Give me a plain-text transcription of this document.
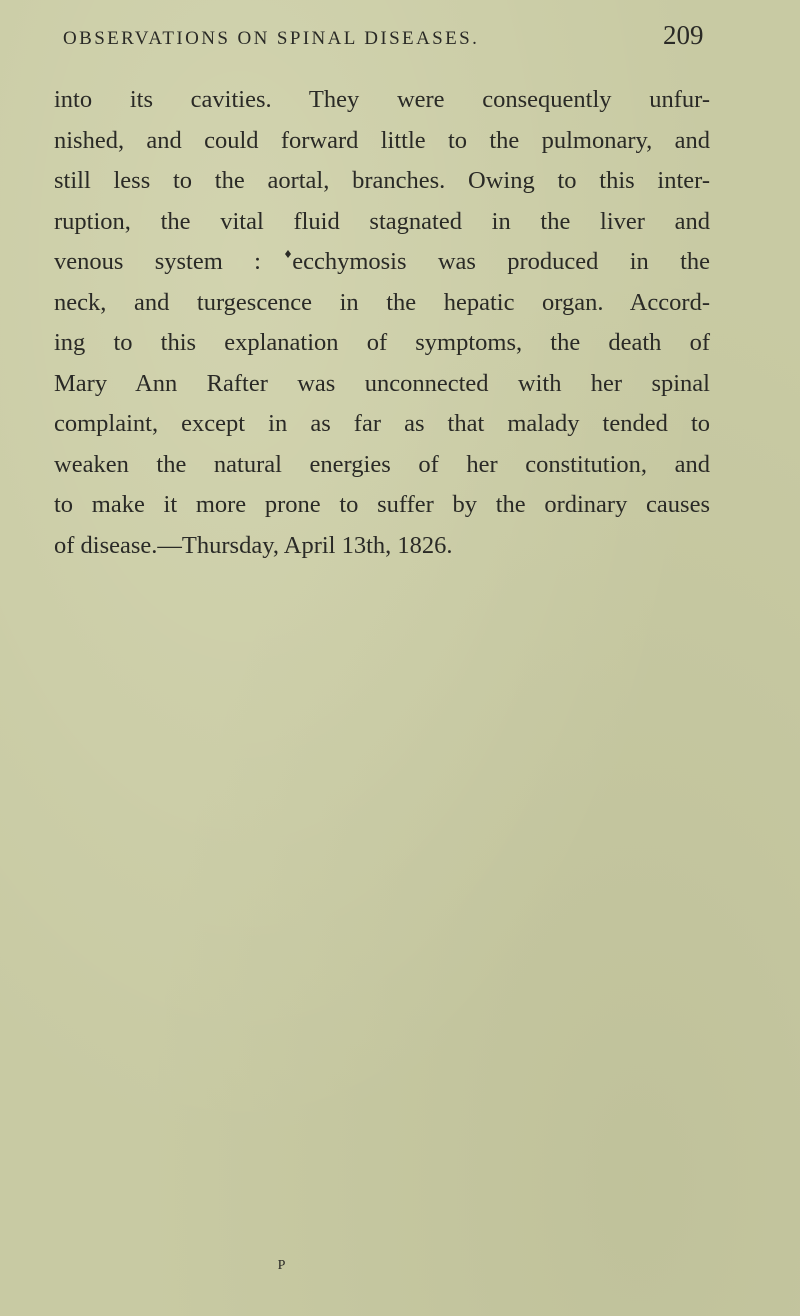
OBSERVATIONS ON SPINAL DISEASES.	209
into its cavities. They were consequently unfur-
nished, and could forward little to the pulmonary, and
still less to the aortal, branches. Owing to this inter-
ruption, the vital fluid stagnated in the liver and
venous system : ecchymosis was produced in the
neck, and turgescence in the hepatic organ. Accord-
ing to this explanation of symptoms, the death of
Mary Ann Rafter was unconnected with her spinal
complaint, except in as far as that malady tended to
weaken the natural energies of her constitution, and
to make it more prone to suffer by the ordinary causes
of disease.—Thursday, April 13th, 1826.
P
